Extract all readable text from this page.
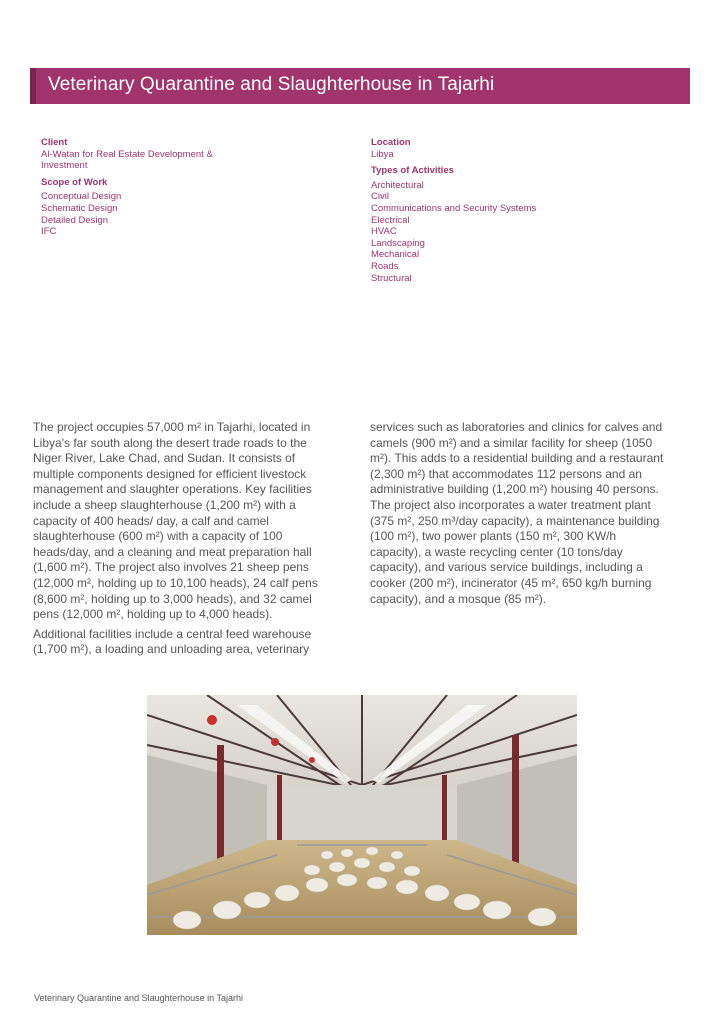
Veterinary Quarantine and Slaughterhouse in Tajarhi
Client
Al-Watan for Real Estate Development &
Investment
Scope of Work
Conceptual Design
Schematic Design
Detailed Design
IFC
Location
Libya
Types of Activities
Architectural
Civil
Communications and Security Systems
Electrical
HVAC
Landscaping
Mechanical
Roads
Structural

The project occupies 57,000 m² in Tajarhi, located in Libya's far south along the desert trade roads to the Niger River, Lake Chad, and Sudan. It consists of multiple components designed for efficient livestock management and slaughter operations. Key facilities include a sheep slaughterhouse (1,200 m²) with a capacity of 400 heads/ day, a calf and camel slaughterhouse (600 m²) with a capacity of 100 heads/day, and a cleaning and meat preparation hall (1,600 m²). The project also involves 21 sheep pens (12,000 m², holding up to 10,100 heads), 24 calf pens (8,600 m², holding up to 3,000 heads), and 32 camel pens (12,000 m², holding up to 4,000 heads).

Additional facilities include a central feed warehouse (1,700 m²), a loading and unloading area, veterinary

services such as laboratories and clinics for calves and camels (900 m²) and a similar facility for sheep (1050 m²). This adds to a residential building and a restaurant (2,300 m²) that accommodates 112 persons and an administrative building (1,200 m²) housing 40 persons. The project also incorporates a water treatment plant (375 m², 250 m³/day capacity), a maintenance building (100 m²), two power plants (150 m², 300 KW/h capacity), a waste recycling center (10 tons/day capacity), and various service buildings, including a cooker (200 m²), incinerator (45 m², 650 kg/h burning capacity), and a mosque (85 m²).

Veterinary Quarantine and Slaughterhouse in Tajarhi
